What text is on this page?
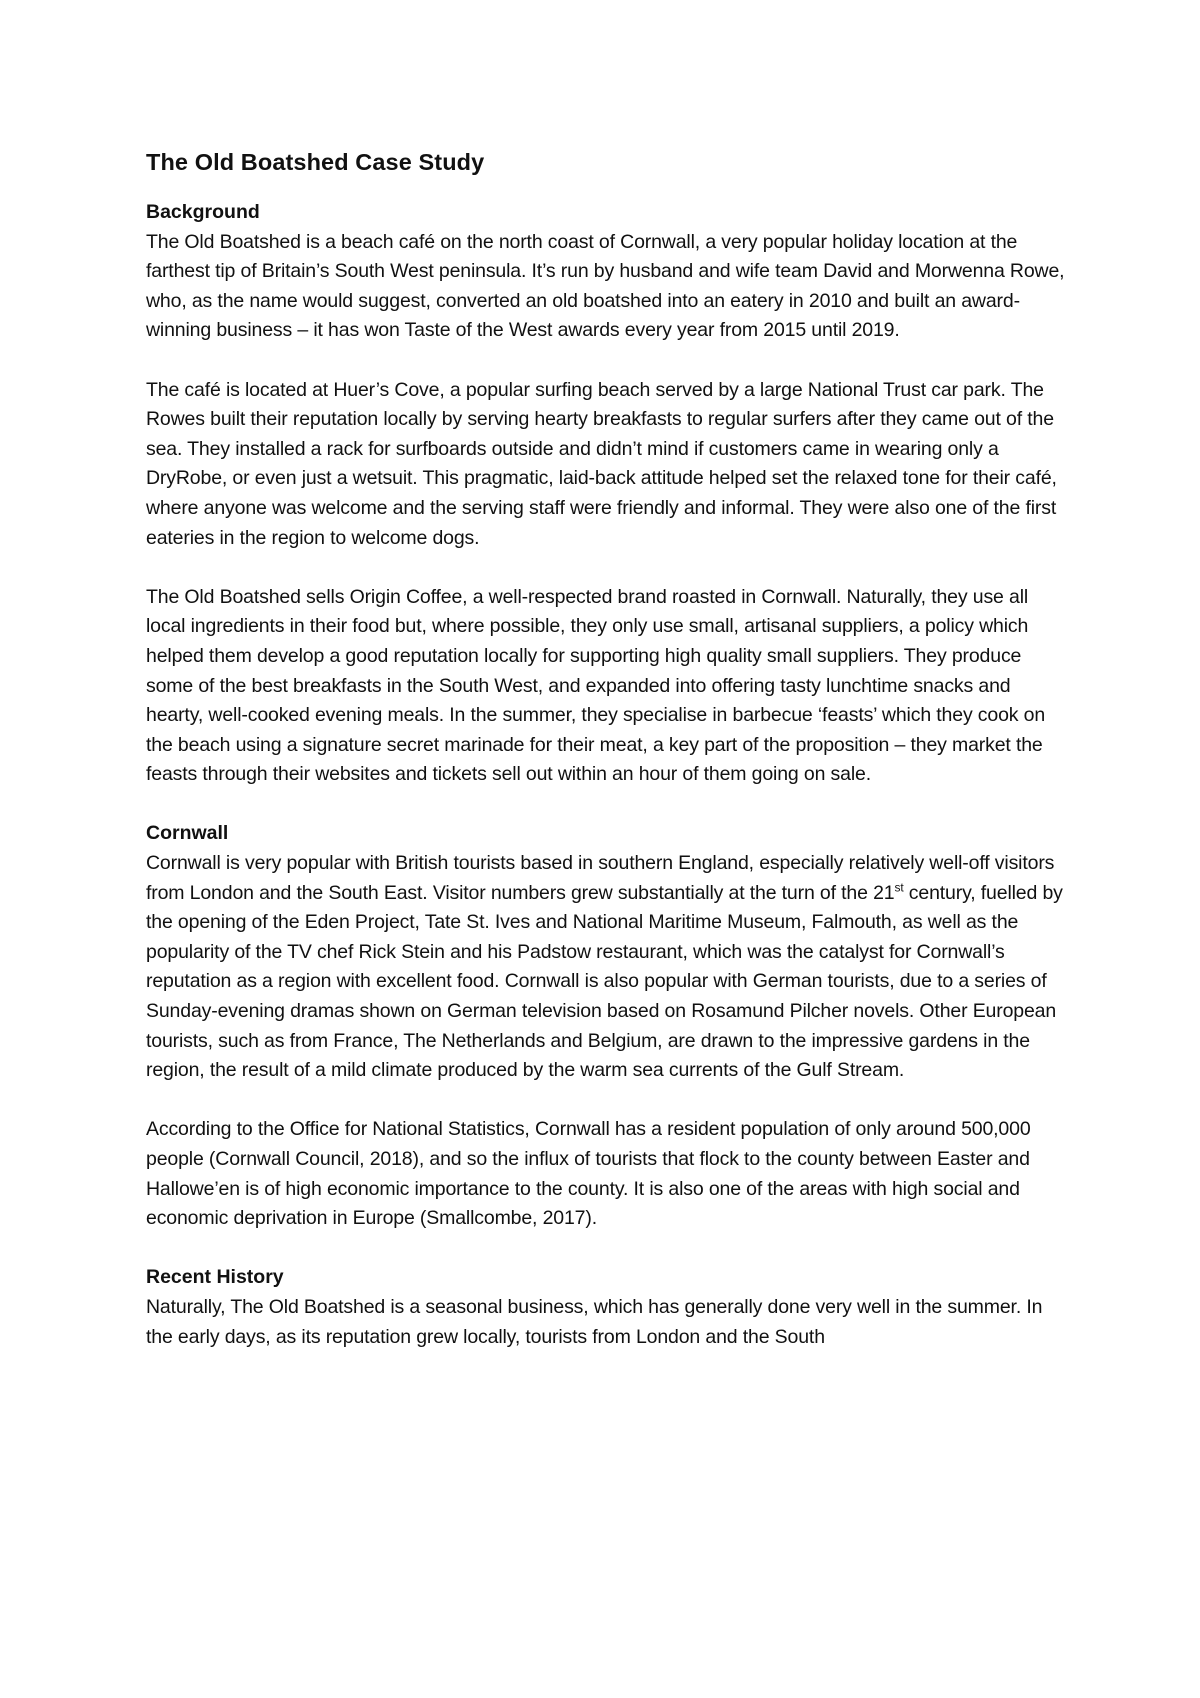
The Old Boatshed Case Study

Background

The Old Boatshed is a beach café on the north coast of Cornwall, a very popular holiday location at the farthest tip of Britain’s South West peninsula. It’s run by husband and wife team David and Morwenna Rowe, who, as the name would suggest, converted an old boatshed into an eatery in 2010 and built an award-winning business – it has won Taste of the West awards every year from 2015 until 2019.

The café is located at Huer’s Cove, a popular surfing beach served by a large National Trust car park. The Rowes built their reputation locally by serving hearty breakfasts to regular surfers after they came out of the sea. They installed a rack for surfboards outside and didn’t mind if customers came in wearing only a DryRobe, or even just a wetsuit. This pragmatic, laid-back attitude helped set the relaxed tone for their café, where anyone was welcome and the serving staff were friendly and informal. They were also one of the first eateries in the region to welcome dogs.

The Old Boatshed sells Origin Coffee, a well-respected brand roasted in Cornwall. Naturally, they use all local ingredients in their food but, where possible, they only use small, artisanal suppliers, a policy which helped them develop a good reputation locally for supporting high quality small suppliers. They produce some of the best breakfasts in the South West, and expanded into offering tasty lunchtime snacks and hearty, well-cooked evening meals. In the summer, they specialise in barbecue ‘feasts’ which they cook on the beach using a signature secret marinade for their meat, a key part of the proposition – they market the feasts through their websites and tickets sell out within an hour of them going on sale.

Cornwall

Cornwall is very popular with British tourists based in southern England, especially relatively well-off visitors from London and the South East. Visitor numbers grew substantially at the turn of the 21st century, fuelled by the opening of the Eden Project, Tate St. Ives and National Maritime Museum, Falmouth, as well as the popularity of the TV chef Rick Stein and his Padstow restaurant, which was the catalyst for Cornwall’s reputation as a region with excellent food. Cornwall is also popular with German tourists, due to a series of Sunday-evening dramas shown on German television based on Rosamund Pilcher novels. Other European tourists, such as from France, The Netherlands and Belgium, are drawn to the impressive gardens in the region, the result of a mild climate produced by the warm sea currents of the Gulf Stream.

According to the Office for National Statistics, Cornwall has a resident population of only around 500,000 people (Cornwall Council, 2018), and so the influx of tourists that flock to the county between Easter and Hallowe’en is of high economic importance to the county. It is also one of the areas with high social and economic deprivation in Europe (Smallcombe, 2017).

Recent History

Naturally, The Old Boatshed is a seasonal business, which has generally done very well in the summer. In the early days, as its reputation grew locally, tourists from London and the South
